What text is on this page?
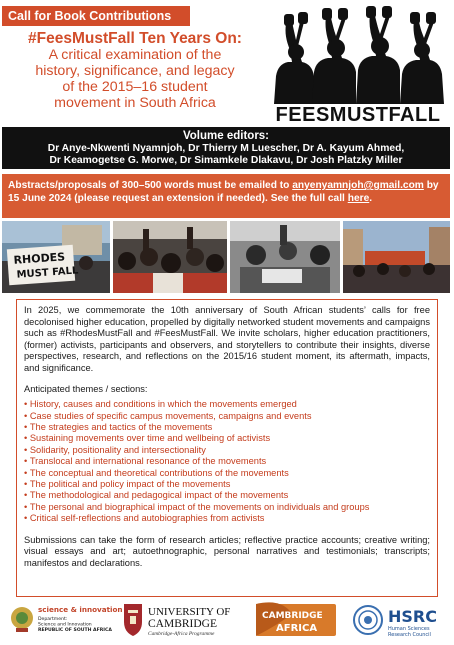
Call for Book Contributions
#FeesMustFall Ten Years On:
A critical examination of the
history, significance, and legacy
of the 2015–16 student
movement in South Africa
FEESMUSTFALL
Volume editors:
Dr Anye-Nkwenti Nyamnjoh, Dr Thierry M Luescher, Dr A. Kayum Ahmed,
Dr Keamogetse G. Morwe, Dr Simamkele Dlakavu, Dr Josh Platzky Miller
Abstracts/proposals of 300–500 words must be emailed to anyenyamnjoh@gmail.com by 15 June 2024 (please request an extension if needed). See the full call here.
RHODES
MUST FALL

In 2025, we commemorate the 10th anniversary of South African students’ calls for free decolonised higher education, propelled by digitally networked student movements and campaigns such as #RhodesMustFall and #FeesMustFall. We invite scholars, higher education practitioners, (former) activists, participants and observers, and storytellers to contribute their insights, diverse perspectives, research, and reflections on the 2015/16 student moment, its aftermath, impacts, and significance.

Anticipated themes / sections:

• History, causes and conditions in which the movements emerged
• Case studies of specific campus movements, campaigns and events
• The strategies and tactics of the movements
• Sustaining movements over time and wellbeing of activists
• Solidarity, positionality and intersectionality
• Translocal and international resonance of the movements
• The conceptual and theoretical contributions of the movements
• The political and policy impact of the movements
• The methodological and pedagogical impact of the movements
• The personal and biographical impact of the movements on individuals and groups
• Critical self-reflections and autobiographies from activists

Submissions can take the form of research articles; reflective practice accounts; creative writing; visual essays and art; autoethnographic, personal narratives and testimonials; transcripts; manifestos and declarations.

science & innovation
Department:
Science and Innovation
REPUBLIC OF SOUTH AFRICA
UNIVERSITY OF
CAMBRIDGE
Cambridge-Africa Programme
CAMBRIDGE
AFRICA
HSRC
Human Sciences
Research Council
